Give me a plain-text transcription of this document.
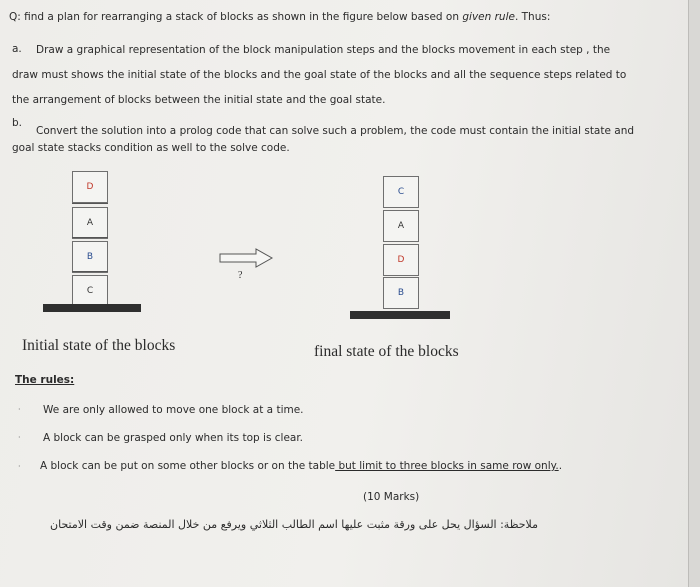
Q: find a plan for rearranging a stack of blocks as shown in the figure below based on given rule. Thus:
a. Draw a graphical representation of the block manipulation steps and the blocks movement in each step , the
draw must shows the initial state of the blocks and the goal state of the blocks and all the sequence steps related to
the arrangement of blocks between the initial state and the goal state.
b.
Convert the solution into a prolog code that can solve such a problem, the code must contain the initial state and
goal state stacks condition as well to the solve code.
D
A
B
C
?
C
A
D
B
Initial state of the blocks	final state of the blocks
The rules:
· We are only allowed to move one block at a time.
· A block can be grasped only when its top is clear.
· A block can be put on some other blocks or on the table but limit to three blocks in same row only..
(10 Marks)
ملاحظة: السؤال يحل على ورقة مثبت عليها اسم الطالب الثلاثي ويرفع من خلال المنصة ضمن وقت الامتحان
